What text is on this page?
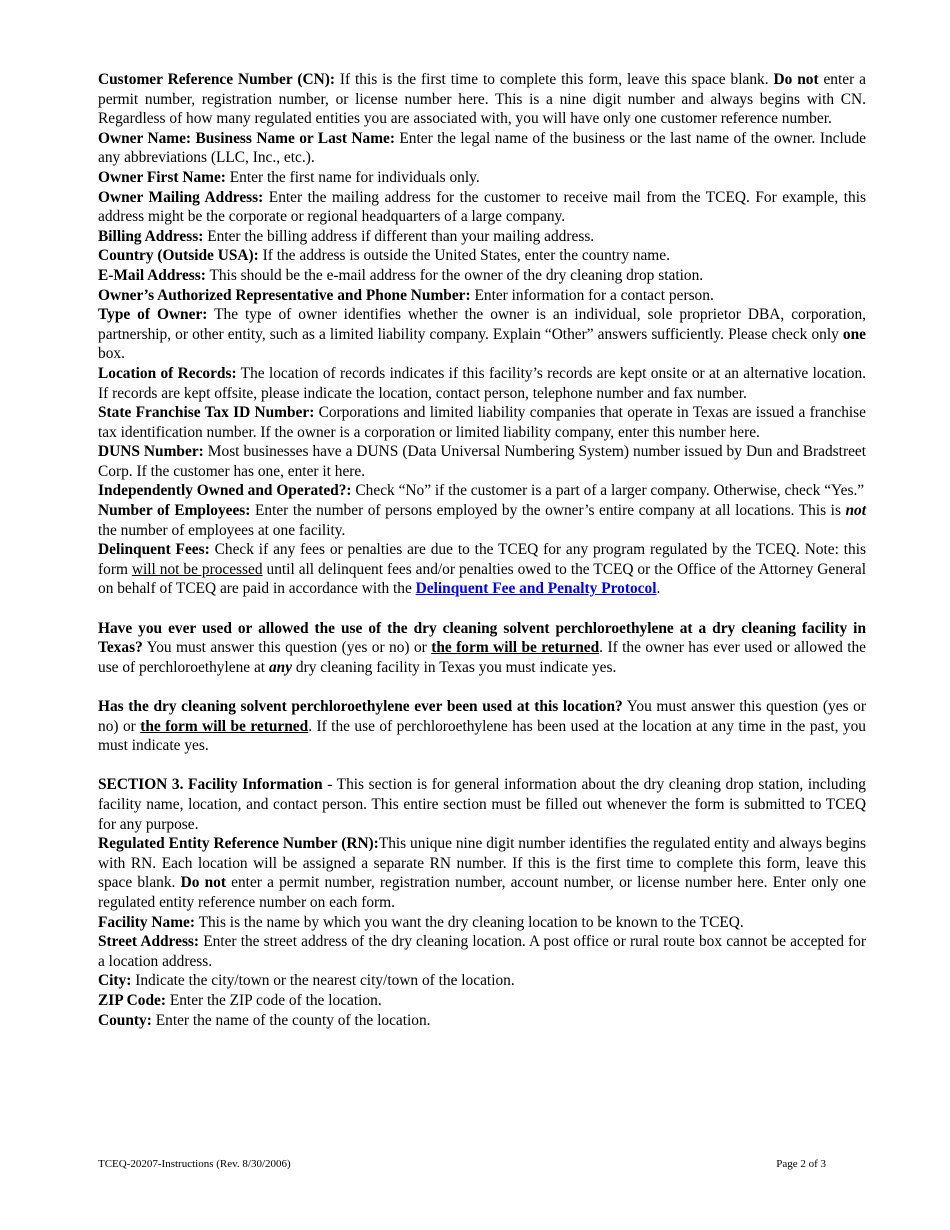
Customer Reference Number (CN): If this is the first time to complete this form, leave this space blank. Do not enter a permit number, registration number, or license number here. This is a nine digit number and always begins with CN. Regardless of how many regulated entities you are associated with, you will have only one customer reference number.

Owner Name: Business Name or Last Name: Enter the legal name of the business or the last name of the owner. Include any abbreviations (LLC, Inc., etc.).

Owner First Name: Enter the first name for individuals only.

Owner Mailing Address: Enter the mailing address for the customer to receive mail from the TCEQ. For example, this address might be the corporate or regional headquarters of a large company.

Billing Address: Enter the billing address if different than your mailing address.

Country (Outside USA): If the address is outside the United States, enter the country name.

E-Mail Address: This should be the e-mail address for the owner of the dry cleaning drop station.

Owner’s Authorized Representative and Phone Number: Enter information for a contact person.

Type of Owner: The type of owner identifies whether the owner is an individual, sole proprietor DBA, corporation, partnership, or other entity, such as a limited liability company. Explain “Other” answers sufficiently. Please check only one box.

Location of Records: The location of records indicates if this facility’s records are kept onsite or at an alternative location. If records are kept offsite, please indicate the location, contact person, telephone number and fax number.

State Franchise Tax ID Number: Corporations and limited liability companies that operate in Texas are issued a franchise tax identification number. If the owner is a corporation or limited liability company, enter this number here.

DUNS Number: Most businesses have a DUNS (Data Universal Numbering System) number issued by Dun and Bradstreet Corp. If the customer has one, enter it here.

Independently Owned and Operated?: Check “No” if the customer is a part of a larger company. Otherwise, check “Yes.”

Number of Employees: Enter the number of persons employed by the owner’s entire company at all locations. This is not the number of employees at one facility.

Delinquent Fees: Check if any fees or penalties are due to the TCEQ for any program regulated by the TCEQ. Note: this form will not be processed until all delinquent fees and/or penalties owed to the TCEQ or the Office of the Attorney General on behalf of TCEQ are paid in accordance with the Delinquent Fee and Penalty Protocol.

Have you ever used or allowed the use of the dry cleaning solvent perchloroethylene at a dry cleaning facility in Texas? You must answer this question (yes or no) or the form will be returned. If the owner has ever used or allowed the use of perchloroethylene at any dry cleaning facility in Texas you must indicate yes.

Has the dry cleaning solvent perchloroethylene ever been used at this location? You must answer this question (yes or no) or the form will be returned. If the use of perchloroethylene has been used at the location at any time in the past, you must indicate yes.

SECTION 3. Facility Information - This section is for general information about the dry cleaning drop station, including facility name, location, and contact person. This entire section must be filled out whenever the form is submitted to TCEQ for any purpose.

Regulated Entity Reference Number (RN):This unique nine digit number identifies the regulated entity and always begins with RN. Each location will be assigned a separate RN number. If this is the first time to complete this form, leave this space blank. Do not enter a permit number, registration number, account number, or license number here. Enter only one regulated entity reference number on each form.

Facility Name: This is the name by which you want the dry cleaning location to be known to the TCEQ.

Street Address: Enter the street address of the dry cleaning location. A post office or rural route box cannot be accepted for a location address.

City: Indicate the city/town or the nearest city/town of the location.

ZIP Code: Enter the ZIP code of the location.

County: Enter the name of the county of the location.

TCEQ-20207-Instructions (Rev. 8/30/2006)	Page 2 of 3
